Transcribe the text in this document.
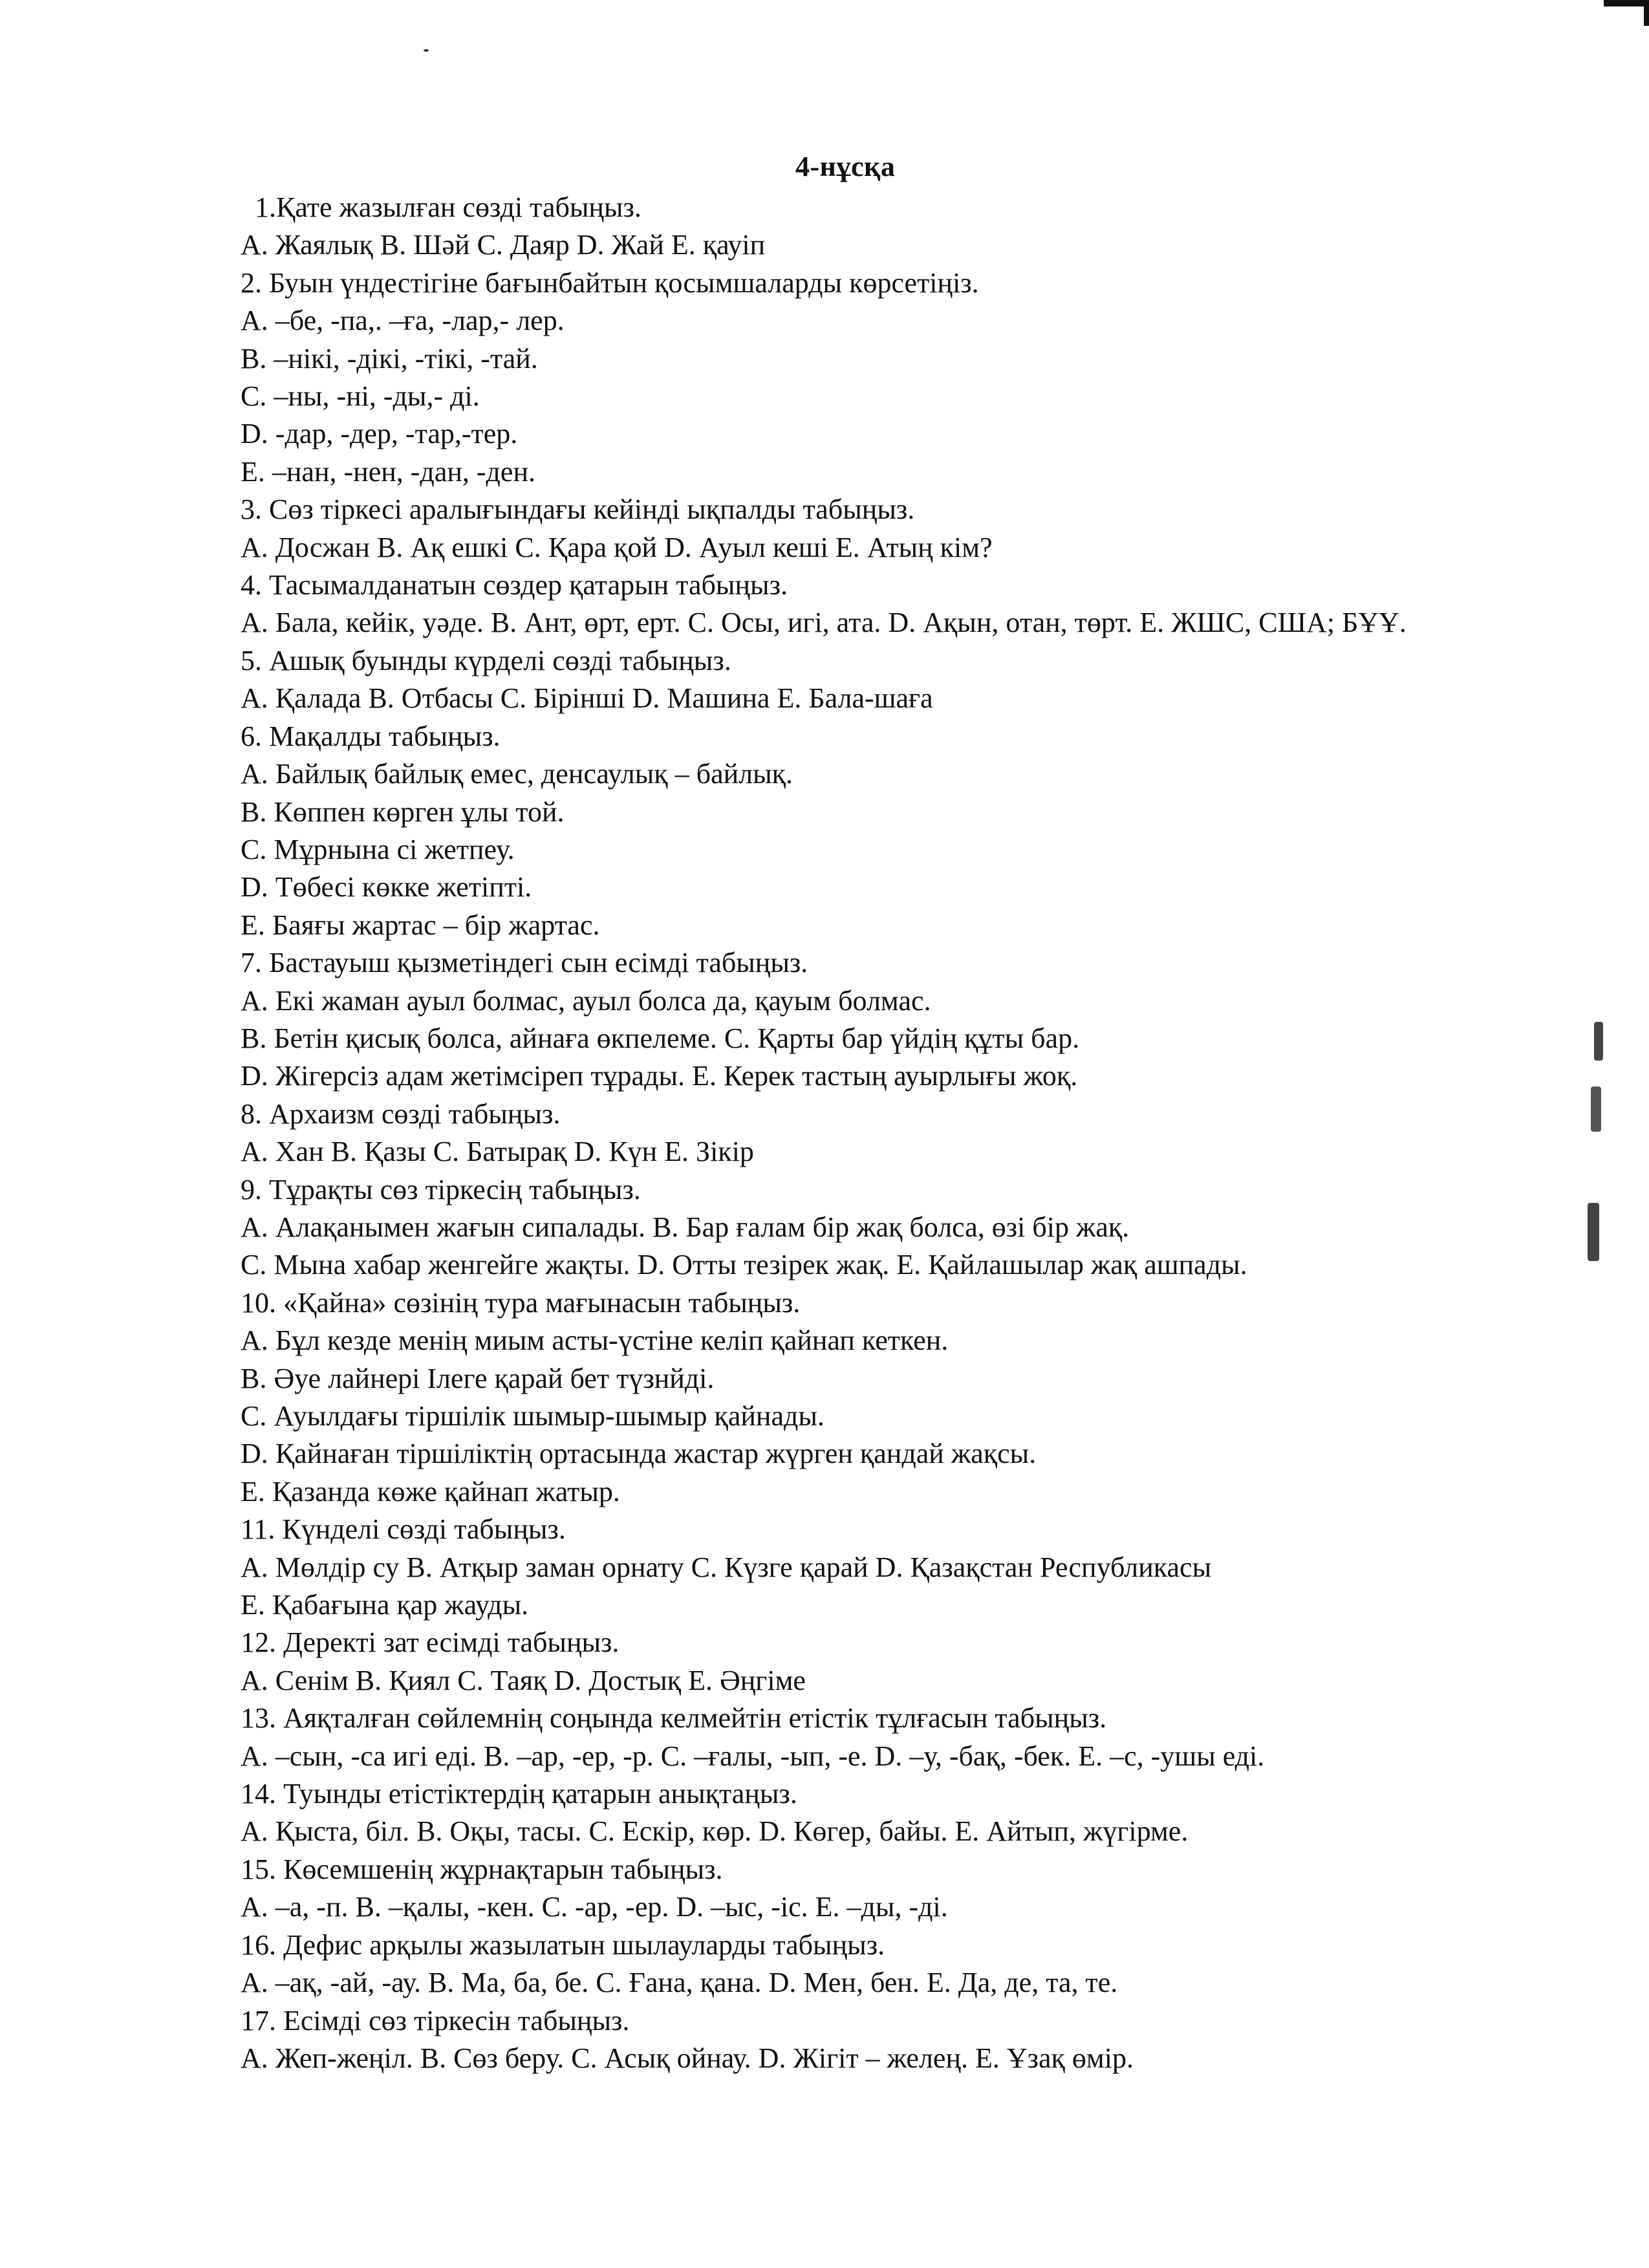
4-нұсқа

1.Қате жазылған сөзді табыңыз.

A. Жаялық B. Шәй C. Даяр D. Жай E. қауіп

2. Буын үндестігіне бағынбайтын қосымшаларды көрсетіңіз.

A. –бе, -па,. –ға, -лар,- лер.

B. –нікі, -дікі, -тікі, -тай.

C. –ны, -ні, -ды,- ді.

D. -дар, -дер, -тар,-тер.

E. –нан, -нен, -дан, -ден.

3. Сөз тіркесі аралығындағы кейінді ықпалды табыңыз.

A. Досжан B. Ақ ешкі C. Қара қой D. Ауыл кеші E. Атың кім?

4. Тасымалданатын сөздер қатарын табыңыз.

A. Бала, кейік, уәде. B. Ант, өрт, ерт. C. Осы, игі, ата. D. Ақын, отан, төрт. E. ЖШС, США; БҰҰ.

5. Ашық буынды күрделі сөзді табыңыз.

A. Қалада B. Отбасы C. Бірінші D. Машина E. Бала-шаға

6. Мақалды табыңыз.

A. Байлық байлық емес, денсаулық – байлық.

B. Көппен көрген ұлы той.

C. Мұрнына сі жетпеу.

D. Төбесі көкке жетіпті.

E. Баяғы жартас – бір жартас.

7. Бастауыш қызметіндегі сын есімді табыңыз.

A. Екі жаман ауыл болмас, ауыл болса да, қауым болмас.

B. Бетін қисық болса, айнаға өкпелеме. C. Қарты бар үйдің құты бар.

D. Жігерсіз адам жетімсіреп тұрады. E. Керек тастың ауырлығы жоқ.

8. Архаизм сөзді табыңыз.

A. Хан B. Қазы C. Батырақ D. Күн E. Зікір

9. Тұрақты сөз тіркесің табыңыз.

A. Алақанымен жағын сипалады. B. Бар ғалам бір жақ болса, өзі бір жақ.

C. Мына хабар женгейге жақты. D. Отты тезірек жақ. E. Қайлашылар жақ ашпады.

10. «Қайна» сөзінің тура мағынасын табыңыз.

A. Бұл кезде менің миым асты-үстіне келіп қайнап кеткен.

B. Әуе лайнері Ілеге қарай бет түзнйді.

C. Ауылдағы тіршілік шымыр-шымыр қайнады.

D. Қайнаған тіршіліктің ортасында жастар жүрген қандай жақсы.

E. Қазанда көже қайнап жатыр.

11. Күнделі сөзді табыңыз.

A. Мөлдір су B. Атқыр заман орнату C. Күзге қарай D. Қазақстан Республикасы

E. Қабағына қар жауды.

12. Деректі зат есімді табыңыз.

A. Сенім B. Қиял C. Таяқ D. Достық E. Әңгіме

13. Аяқталған сөйлемнің соңында келмейтін етістік тұлғасын табыңыз.

A. –сын, -са игі еді. B. –ар, -ер, -р. C. –ғалы, -ып, -е. D. –у, -бақ, -бек. E. –с, -ушы еді.

14. Туынды етістіктердің қатарын анықтаңыз.

A. Қыста, біл. B. Оқы, тасы. C. Ескір, көр. D. Көгер, байы. E. Айтып, жүгірме.

15. Көсемшенің жұрнақтарын табыңыз.

A. –а, -п. B. –қалы, -кен. C. -ар, -ер. D. –ыс, -іс. E. –ды, -ді.

16. Дефис арқылы жазылатын шылауларды табыңыз.

A. –ақ, -ай, -ау. B. Ма, ба, бе. C. Ғана, қана. D. Мен, бен. E. Да, де, та, те.

17. Есімді сөз тіркесін табыңыз.

A. Жеп-жеңіл. B. Сөз беру. C. Асық ойнау. D. Жігіт – желең. E. Ұзақ өмір.
